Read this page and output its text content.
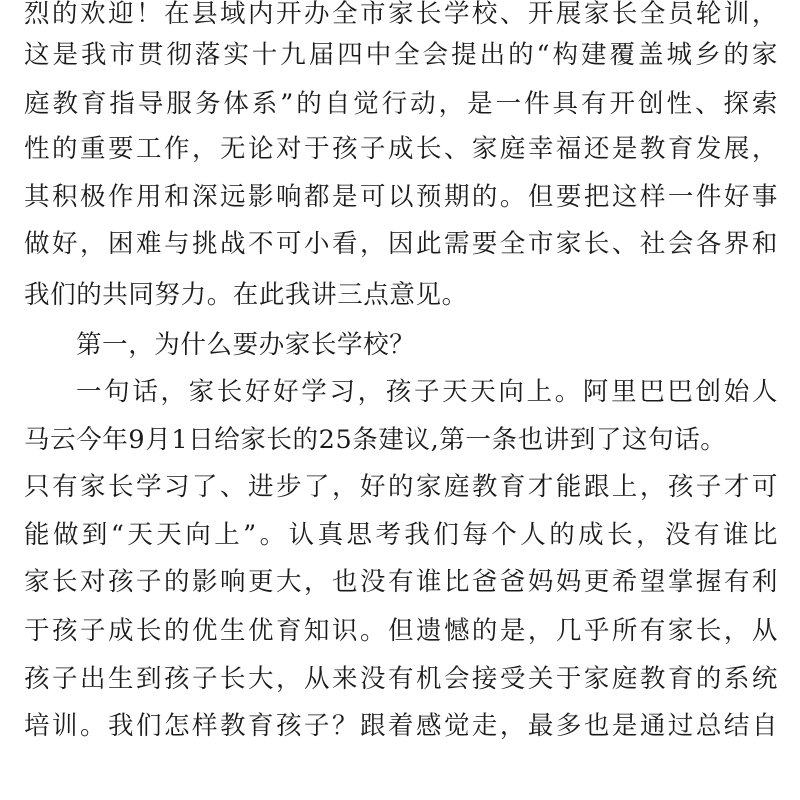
烈的欢迎！在县域内开办全市家长学校、开展家长全员轮训，
这是我市贯彻落实十九届四中全会提出的“构建覆盖城乡的家
庭教育指导服务体系”的自觉行动，是一件具有开创性、探索
性的重要工作，无论对于孩子成长、家庭幸福还是教育发展，
其积极作用和深远影响都是可以预期的。但要把这样一件好事
做好，困难与挑战不可小看，因此需要全市家长、社会各界和
我们的共同努力。在此我讲三点意见。
第一，为什么要办家长学校？
一句话，家长好好学习，孩子天天向上。阿里巴巴创始人
马云今年9月1日给家长的25条建议,第一条也讲到了这句话。
只有家长学习了、进步了，好的家庭教育才能跟上，孩子才可
能做到“天天向上”。认真思考我们每个人的成长，没有谁比
家长对孩子的影响更大，也没有谁比爸爸妈妈更希望掌握有利
于孩子成长的优生优育知识。但遗憾的是，几乎所有家长，从
孩子出生到孩子长大，从来没有机会接受关于家庭教育的系统
培训。我们怎样教育孩子？跟着感觉走，最多也是通过总结自
